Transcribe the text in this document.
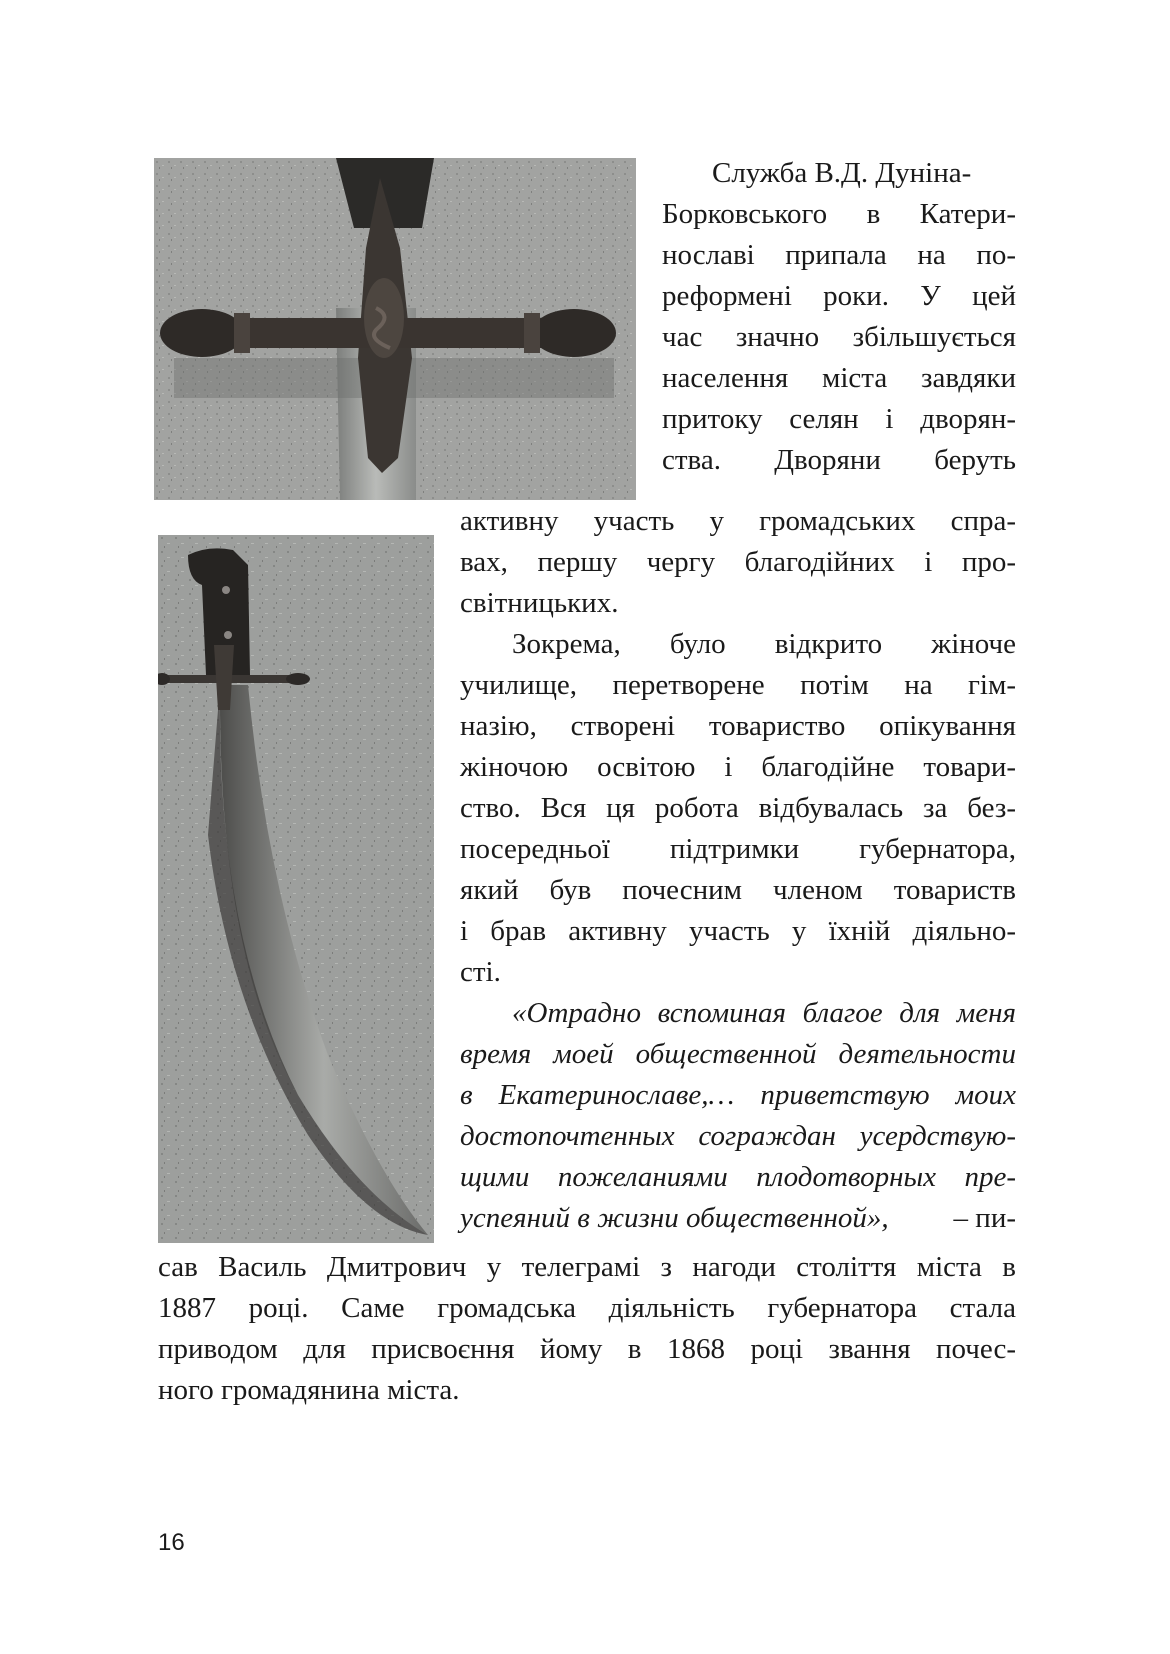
Служба В.Д. Дуніна-

Борковського в Катери-

нославі припала на по-

реформені роки. У цей

час значно збільшується

населення міста завдяки

притоку селян і дворян-

ства. Дворяни беруть

активну участь у громадських спра-

вах, першу чергу благодійних і про-

світницьких.

Зокрема, було відкрито жіноче

училище, перетворене потім на гім-

назію, створені товариство опікування

жіночою освітою і благодійне товари-

ство. Вся ця робота відбувалась за без-

посередньої підтримки губернатора,

який був почесним членом товариств

і брав активну участь у їхній діяльно-

сті.

«Отрадно вспоминая благое для меня

время моей общественной деятельности

в Екатеринославе,… приветствую моих

достопочтенных сограждан усердствую-

щими пожеланиями плодотворных пре-

успеяний в жизни общественной», – пи-

сав Василь Дмитрович у телеграмі з нагоди століття міста в

1887 році. Саме громадська діяльність губернатора стала

приводом для присвоєння йому в 1868 році звання почес-

ного громадянина міста.

16
